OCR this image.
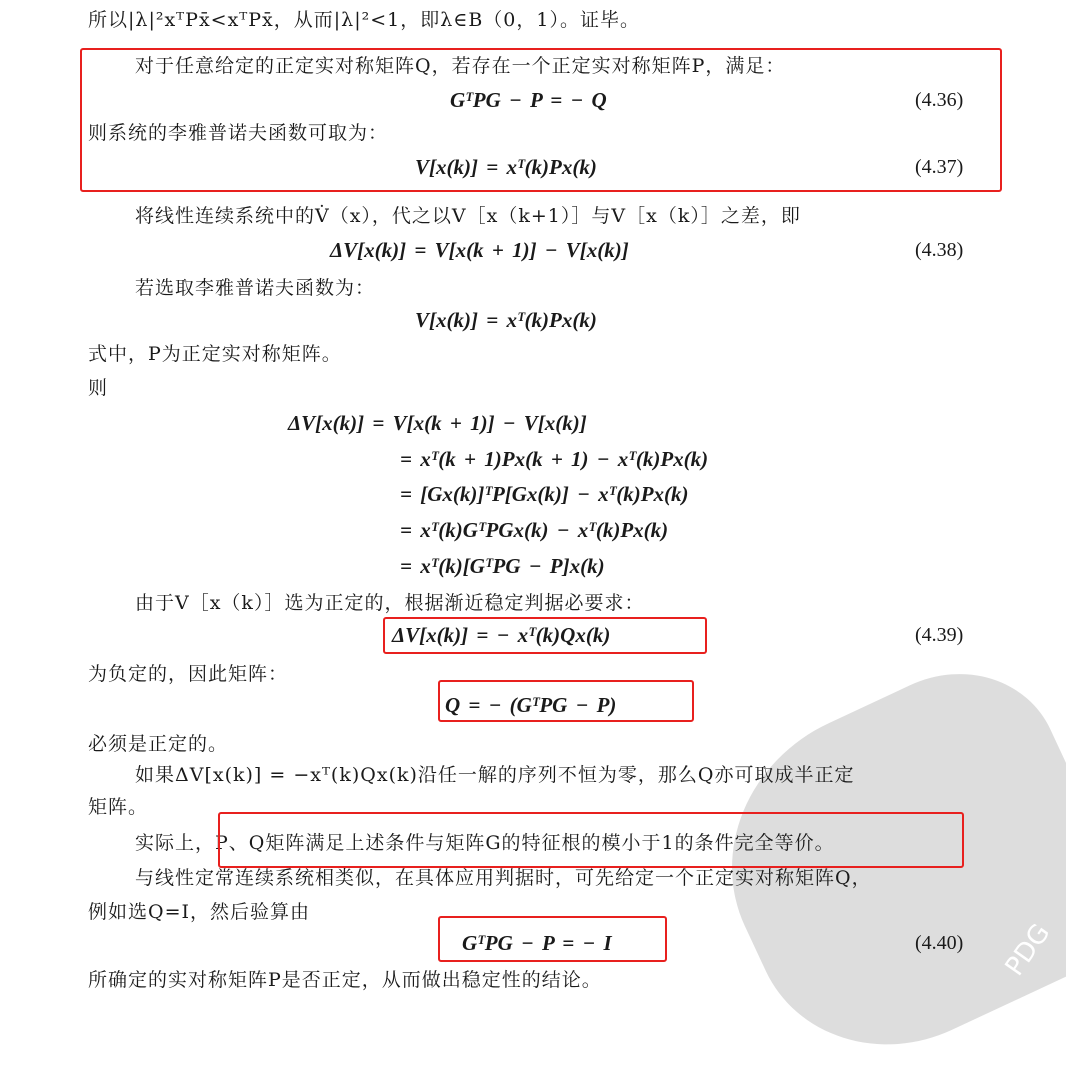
PDG
所以|λ|²xᵀPx̄<xᵀPx̄，从而|λ|²<1，即λ∈B（0，1）。证毕。
对于任意给定的正定实对称矩阵Q，若存在一个正定实对称矩阵P，满足：
GᵀPG − P = − Q	(4.36)
则系统的李雅普诺夫函数可取为：
V[x(k)] = xᵀ(k)Px(k)	(4.37)
将线性连续系统中的V̇（x），代之以V［x（k+1）］与V［x（k）］之差，即
ΔV[x(k)] = V[x(k + 1)] − V[x(k)]	(4.38)
若选取李雅普诺夫函数为：
V[x(k)] = xᵀ(k)Px(k)
式中，P为正定实对称矩阵。
则
ΔV[x(k)] = V[x(k + 1)] − V[x(k)]
= xᵀ(k + 1)Px(k + 1) − xᵀ(k)Px(k)
= [Gx(k)]ᵀP[Gx(k)] − xᵀ(k)Px(k)
= xᵀ(k)GᵀPGx(k) − xᵀ(k)Px(k)
= xᵀ(k)[GᵀPG − P]x(k)
由于V［x（k）］选为正定的，根据渐近稳定判据必要求：
ΔV[x(k)] = − xᵀ(k)Qx(k)	(4.39)
为负定的，因此矩阵：
Q = − (GᵀPG − P)
必须是正定的。
如果ΔV[x(k)] = −xᵀ(k)Qx(k)沿任一解的序列不恒为零，那么Q亦可取成半正定
矩阵。
实际上，P、Q矩阵满足上述条件与矩阵G的特征根的模小于1的条件完全等价。
与线性定常连续系统相类似，在具体应用判据时，可先给定一个正定实对称矩阵Q，
例如选Q=I，然后验算由
GᵀPG − P = − I	(4.40)
所确定的实对称矩阵P是否正定，从而做出稳定性的结论。
